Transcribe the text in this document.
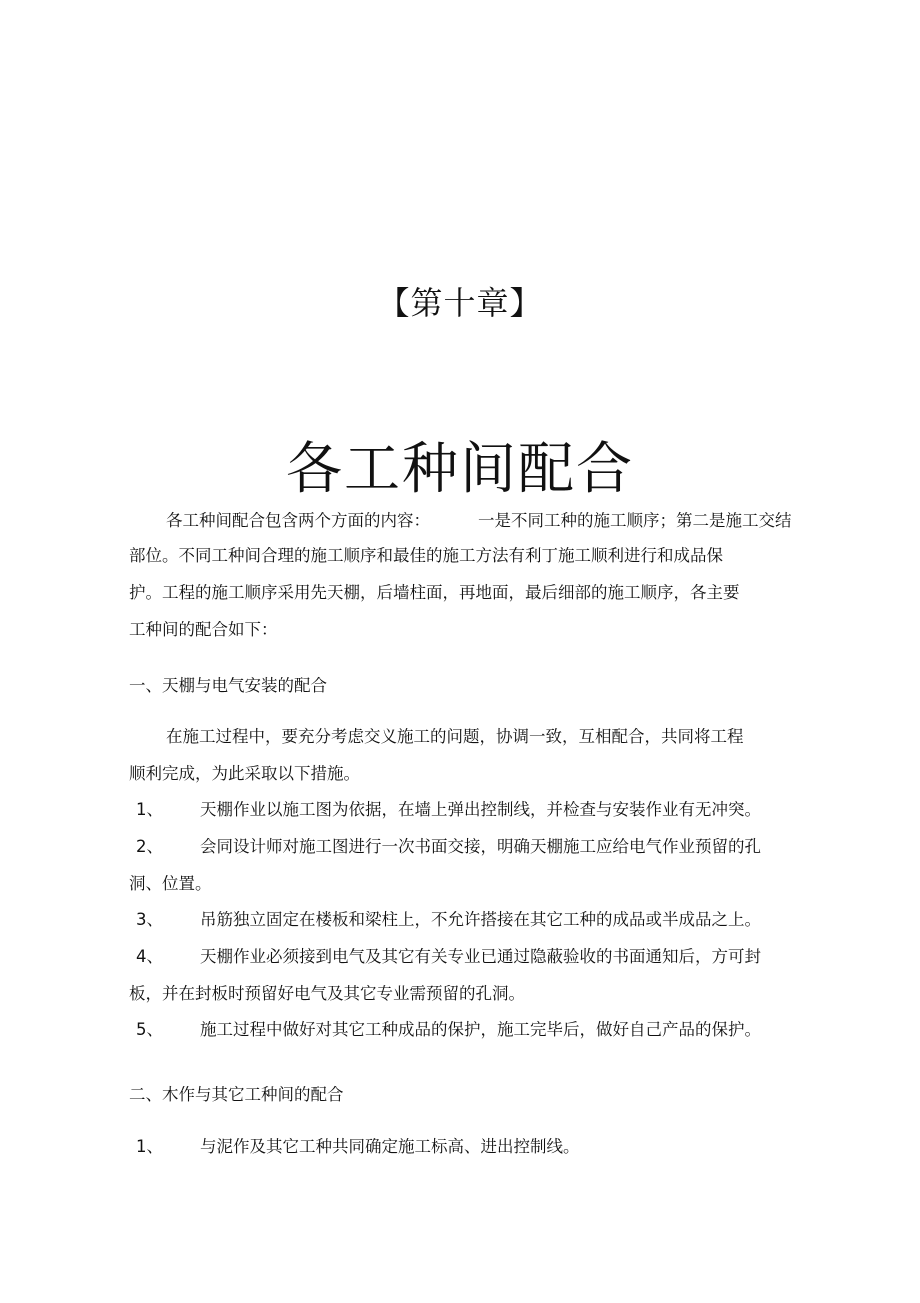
【第十章】
各工种间配合
各工种间配合包含两个方面的内容：	一是不同工种的施工顺序；第二是施工交结
部位。不同工种间合理的施工顺序和最佳的施工方法有利丁施工顺利进行和成品保
护。工程的施工顺序采用先天棚，后墙柱面，再地面，最后细部的施工顺序，各主要
工种间的配合如下：
一、天棚与电气安装的配合
在施工过程中，要充分考虑交义施工的问题，协调一致，互相配合，共同将工程
顺利完成，为此采取以下措施。
1、 天棚作业以施工图为依据，在墙上弹出控制线，并检查与安装作业有无冲突。
2、 会同设计师对施工图进行一次书面交接，明确天棚施工应给电气作业预留的孔
洞、位置。
3、 吊筋独立固定在楼板和梁柱上，不允许搭接在其它工种的成品或半成品之上。
4、 天棚作业必须接到电气及其它有关专业已通过隐蔽验收的书面通知后，方可封
板，并在封板时预留好电气及其它专业需预留的孔洞。
5、 施工过程中做好对其它工种成品的保护，施工完毕后，做好自己产品的保护。
二、木作与其它工种间的配合
1、 与泥作及其它工种共同确定施工标高、进出控制线。
